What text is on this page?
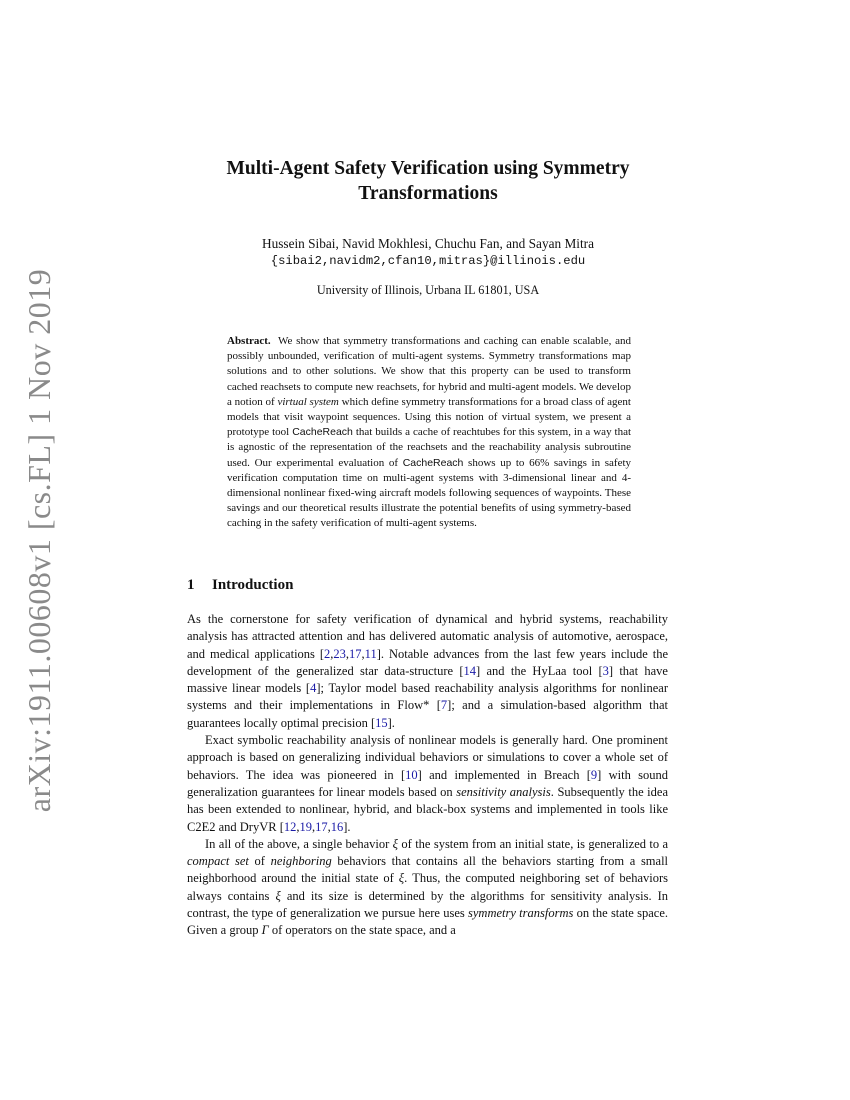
arXiv:1911.00608v1 [cs.FL] 1 Nov 2019
Multi-Agent Safety Verification using Symmetry Transformations
Hussein Sibai, Navid Mokhlesi, Chuchu Fan, and Sayan Mitra
{sibai2,navidm2,cfan10,mitras}@illinois.edu
University of Illinois, Urbana IL 61801, USA
Abstract. We show that symmetry transformations and caching can enable scalable, and possibly unbounded, verification of multi-agent systems. Symmetry transformations map solutions and to other solutions. We show that this property can be used to transform cached reachsets to compute new reachsets, for hybrid and multi-agent models. We develop a notion of virtual system which define symmetry transformations for a broad class of agent models that visit waypoint sequences. Using this notion of virtual system, we present a prototype tool CacheReach that builds a cache of reachtubes for this system, in a way that is agnostic of the representation of the reachsets and the reachability analysis subroutine used. Our experimental evaluation of CacheReach shows up to 66% savings in safety verification computation time on multi-agent systems with 3-dimensional linear and 4-dimensional nonlinear fixed-wing aircraft models following sequences of waypoints. These savings and our theoretical results illustrate the potential benefits of using symmetry-based caching in the safety verification of multi-agent systems.
1 Introduction

As the cornerstone for safety verification of dynamical and hybrid systems, reachability analysis has attracted attention and has delivered automatic analysis of automotive, aerospace, and medical applications [2,23,17,11]. Notable advances from the last few years include the development of the generalized star data-structure [14] and the HyLaa tool [3] that have massive linear models [4]; Taylor model based reachability analysis algorithms for nonlinear systems and their implementations in Flow* [7]; and a simulation-based algorithm that guarantees locally optimal precision [15].

Exact symbolic reachability analysis of nonlinear models is generally hard. One prominent approach is based on generalizing individual behaviors or simulations to cover a whole set of behaviors. The idea was pioneered in [10] and implemented in Breach [9] with sound generalization guarantees for linear models based on sensitivity analysis. Subsequently the idea has been extended to nonlinear, hybrid, and black-box systems and implemented in tools like C2E2 and DryVR [12,19,17,16].

In all of the above, a single behavior ξ of the system from an initial state, is generalized to a compact set of neighboring behaviors that contains all the behaviors starting from a small neighborhood around the initial state of ξ. Thus, the computed neighboring set of behaviors always contains ξ and its size is determined by the algorithms for sensitivity analysis. In contrast, the type of generalization we pursue here uses symmetry transforms on the state space. Given a group Γ of operators on the state space, and a
